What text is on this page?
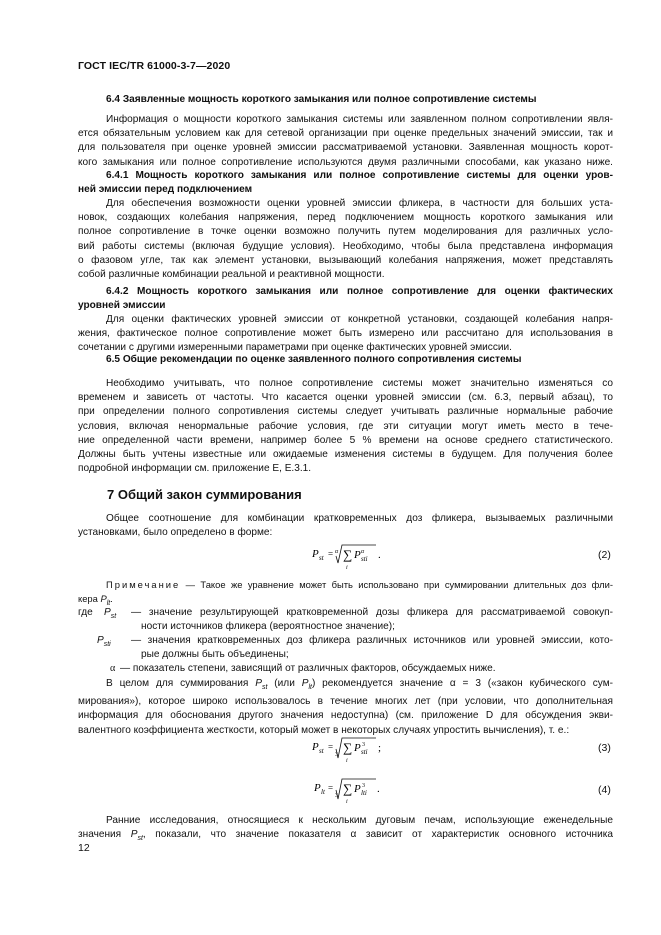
ГОСТ IEC/TR 61000-3-7—2020
6.4 Заявленные мощность короткого замыкания или полное сопротивление системы
Информация о мощности короткого замыкания системы или заявленном полном сопротивлении явля-
ется обязательным условием как для сетевой организации при оценке предельных значений эмиссии, так и
для пользователя при оценке уровней эмиссии рассматриваемой установки. Заявленная мощность корот-
кого замыкания или полное сопротивление используются двумя различными способами, как указано ниже.
6.4.1 Мощность короткого замыкания или полное сопротивление системы для оценки уров-
ней эмиссии перед подключением
Для обеспечения возможности оценки уровней эмиссии фликера, в частности для больших уста-
новок, создающих колебания напряжения, перед подключением мощность короткого замыкания или
полное сопротивление в точке оценки возможно получить путем моделирования для различных усло-
вий работы системы (включая будущие условия). Необходимо, чтобы была представлена информация
о фазовом угле, так как элемент установки, вызывающий колебания напряжения, может представлять
собой различные комбинации реальной и реактивной мощности.
6.4.2 Мощность короткого замыкания или полное сопротивление для оценки фактических
уровней эмиссии
Для оценки фактических уровней эмиссии от конкретной установки, создающей колебания напря-
жения, фактическое полное сопротивление может быть измерено или рассчитано для использования в
сочетании с другими измеренными параметрами при оценке фактических уровней эмиссии.
6.5 Общие рекомендации по оценке заявленного полного сопротивления системы
Необходимо учитывать, что полное сопротивление системы может значительно изменяться со
временем и зависеть от частоты. Что касается оценки уровней эмиссии (см. 6.3, первый абзац), то
при определении полного сопротивления системы следует учитывать различные нормальные рабочие
условия, включая ненормальные рабочие условия, где эти ситуации могут иметь место в тече-
ние определенной части времени, например более 5 % времени на основе среднего статистического.
Должны быть учтены известные или ожидаемые изменения системы в будущем. Для получения более
подробной информации см. приложение Е, Е.3.1.
7 Общий закон суммирования
Общее соотношение для комбинации кратковременных доз фликера, вызываемых различными
установками, было определено в форме:
P st = α ∑
i
P sti
α .	(2)
Примечание — Такое же уравнение может быть использовано при суммировании длительных доз фли-
кера $P_{lt}$.
где $P_{st}$ — значение результирующей кратковременной дозы фликера для рассматриваемой совокуп-
ности источников фликера (вероятностное значение);
$P_{sti}$ — значения кратковременных доз фликера различных источников или уровней эмиссии, кото-
рые должны быть объединены;
α — показатель степени, зависящий от различных факторов, обсуждаемых ниже.
В целом для суммирования $P_{st}$ (или $P_{lt}$) рекомендуется значение α = 3 («закон кубического сум-
мирования»), которое широко использовалось в течение многих лет (при условии, что дополнительная
информация для обоснования другого значения недоступна) (см. приложение D для обсуждения экви-
валентного коэффициента жесткости, который может в некоторых случаях упростить вычисления), т. е.:
P st =
3 ∑
i
P sti
3 ;	(3)
P lt =
3 ∑
i
P lti
3 .	(4)
Ранние исследования, относящиеся к нескольким дуговым печам, использующие еженедельные
значения $P_{st}$, показали, что значение показателя α зависит от характеристик основного источника
12
